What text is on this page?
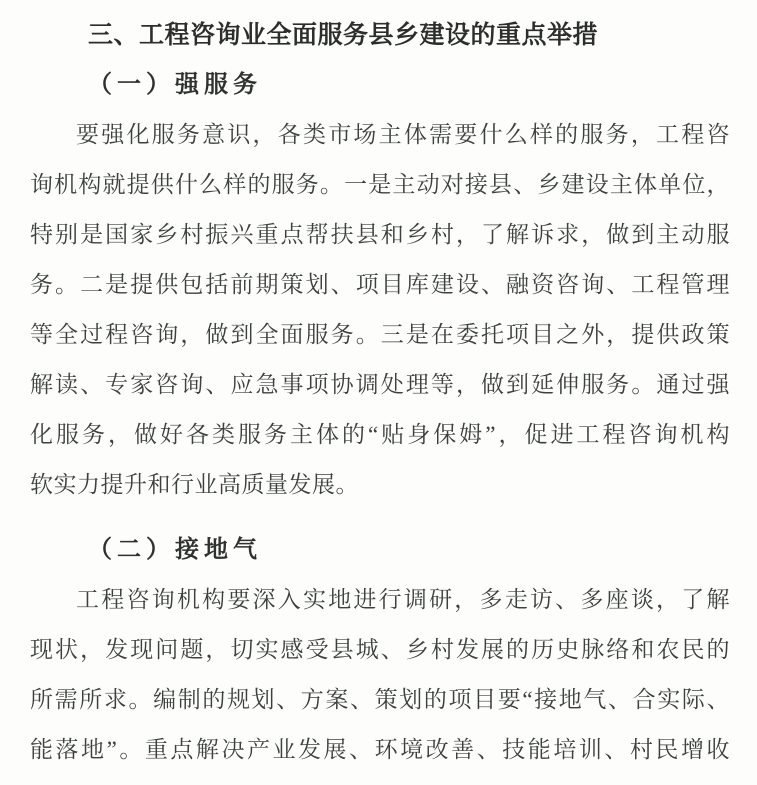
三、工程咨询业全面服务县乡建设的重点举措
（一）强服务
要强化服务意识，各类市场主体需要什么样的服务，工程咨
询机构就提供什么样的服务。一是主动对接县、乡建设主体单位，
特别是国家乡村振兴重点帮扶县和乡村，了解诉求，做到主动服
务。二是提供包括前期策划、项目库建设、融资咨询、工程管理
等全过程咨询，做到全面服务。三是在委托项目之外，提供政策
解读、专家咨询、应急事项协调处理等，做到延伸服务。通过强
化服务，做好各类服务主体的“贴身保姆”，促进工程咨询机构
软实力提升和行业高质量发展。
（二）接地气
工程咨询机构要深入实地进行调研，多走访、多座谈，了解
现状，发现问题，切实感受县城、乡村发展的历史脉络和农民的
所需所求。编制的规划、方案、策划的项目要“接地气、合实际、
能落地”。重点解决产业发展、环境改善、技能培训、村民增收
